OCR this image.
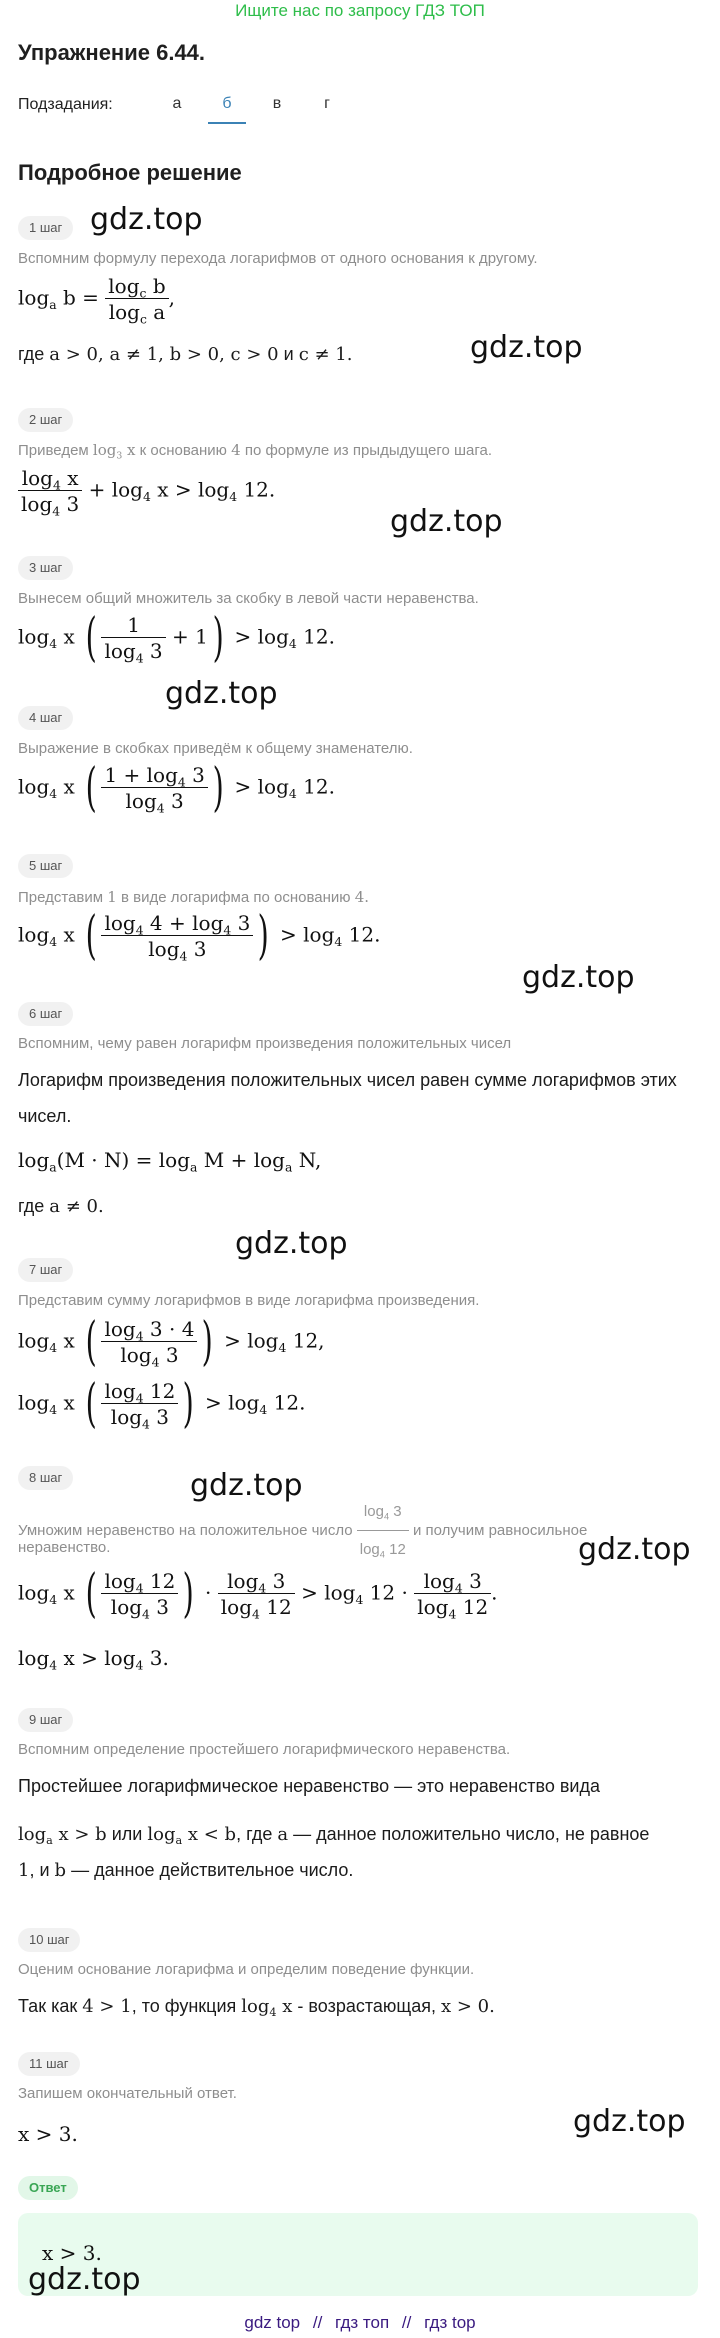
Ищите нас по запросу ГДЗ ТОП
Упражнение 6.44.
Подзадания:	а	б	в	г
Подробное решение
1 шаг
Вспомним формулу перехода логарифмов от одного основания к другому.
$\log_a b = \frac{\log_c b}{\log_c a}$ ,
где a > 0, a ≠ 1, b > 0, c > 0 и c ≠ 1.
2 шаг
Приведем $\log_3 x$ к основанию 4 по формуле из прыдыдущего шага.
$\frac{\log_4 x}{\log_4 3} + \log_4 x > \log_4 12$.
3 шаг
Вынесем общий множитель за скобку в левой части неравенства.
$\log_4 x$ ( $\frac{1}{\log_4 3} + 1) > \log_4 12$.
4 шаг
Выражение в скобках приведём к общему знаменателю.
$\log_4 x$ ( $\frac{1 + \log_4 3}{\log_4 3}$ ) > $\log_4 12$.
5 шаг
Представим 1 в виде логарифма по основанию 4.
$\log_4 x$ ( $\frac{\log_4 4 + \log_4 3}{\log_4 3}$ ) > $\log_4 12$.
6 шаг
Вспомним, чему равен логарифм произведения положительных чисел
Логарифм произведения положительных чисел равен сумме логарифмов этих
чисел.
$\log_a(M \cdot N) = \log_a M + \log_a N$,
где a ≠ 0.
7 шаг
Представим сумму логарифмов в виде логарифма произведения.
$\log_4 x$ ( $\frac{\log_4 3 \cdot 4}{\log_4 3}$ ) > $\log_4 12$,
$\log_4 x$ ( $\frac{\log_4 12}{\log_4 3}$ ) > $\log_4 12$.
8 шаг
Умножим неравенство на положительное число $\frac{\log_4 3}{\log_4 12}$ и получим равносильное
неравенство.
$\log_4 x$ ( $\frac{\log_4 12}{\log_4 3}$ ) · $\frac{\log_4 3}{\log_4 12} > \log_4 12 \cdot \frac{\log_4 3}{\log_4 12}$ .
$\log_4 x > \log_4 3$.
9 шаг
Вспомним определение простейшего логарифмического неравенства.
Простейшее логарифмическое неравенство — это неравенство вида
$\log_a x > b$ или $\log_a x < b$, где a — данное положительно число, не равное
1, и b — данное действительное число.
10 шаг
Оценим основание логарифма и определим поведение функции.
Так как 4 > 1, то функция $\log_4 x$ - возрастающая, x > 0.
11 шаг
Запишем окончательный ответ.
x > 3.
Ответ
x > 3.
gdz.top
gdz.top
gdz.top
gdz.top
gdz.top
gdz.top
gdz.top
gdz.top
gdz.top
gdz.top
gdz top // гдз топ // гдз top
